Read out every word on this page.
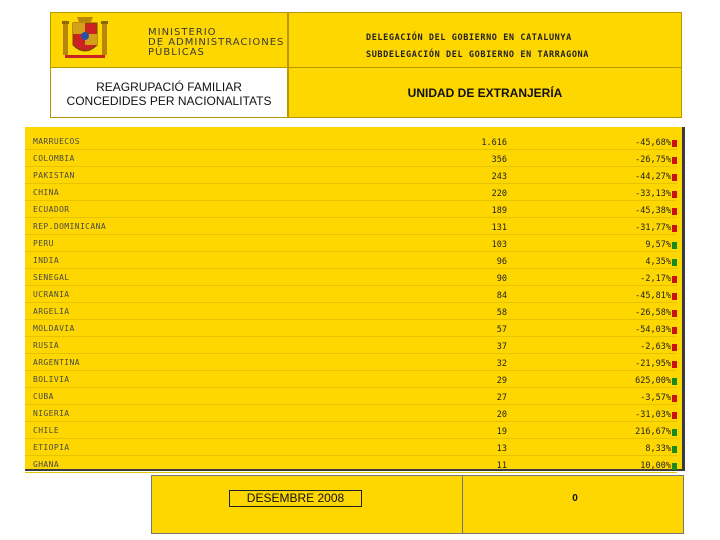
MINISTERIO
DE ADMINISTRACIONES
PÚBLICAS
DELEGACIÓN DEL GOBIERNO EN CATALUNYA
SUBDELEGACIÓN DEL GOBIERNO EN TARRAGONA
UNIDAD DE EXTRANJERÍA
REAGRUPACIÓ FAMILIAR
CONCEDIDES PER NACIONALITATS
MARRUECOS	1.616	-45,68%
COLOMBIA	356	-26,75%
PAKISTAN	243	-44,27%
CHINA	220	-33,13%
ECUADOR	189	-45,38%
REP.DOMINICANA	131	-31,77%
PERU	103	9,57%
INDIA	96	4,35%
SENEGAL	90	-2,17%
UCRANIA	84	-45,81%
ARGELIA	58	-26,58%
MOLDAVIA	57	-54,03%
RUSIA	37	-2,63%
ARGENTINA	32	-21,95%
BOLIVIA	29	625,00%
CUBA	27	-3,57%
NIGERIA	20	-31,03%
CHILE	19	216,67%
ETIOPIA	13	8,33%
GHANA	11	10,00%
DESEMBRE 2008	0
